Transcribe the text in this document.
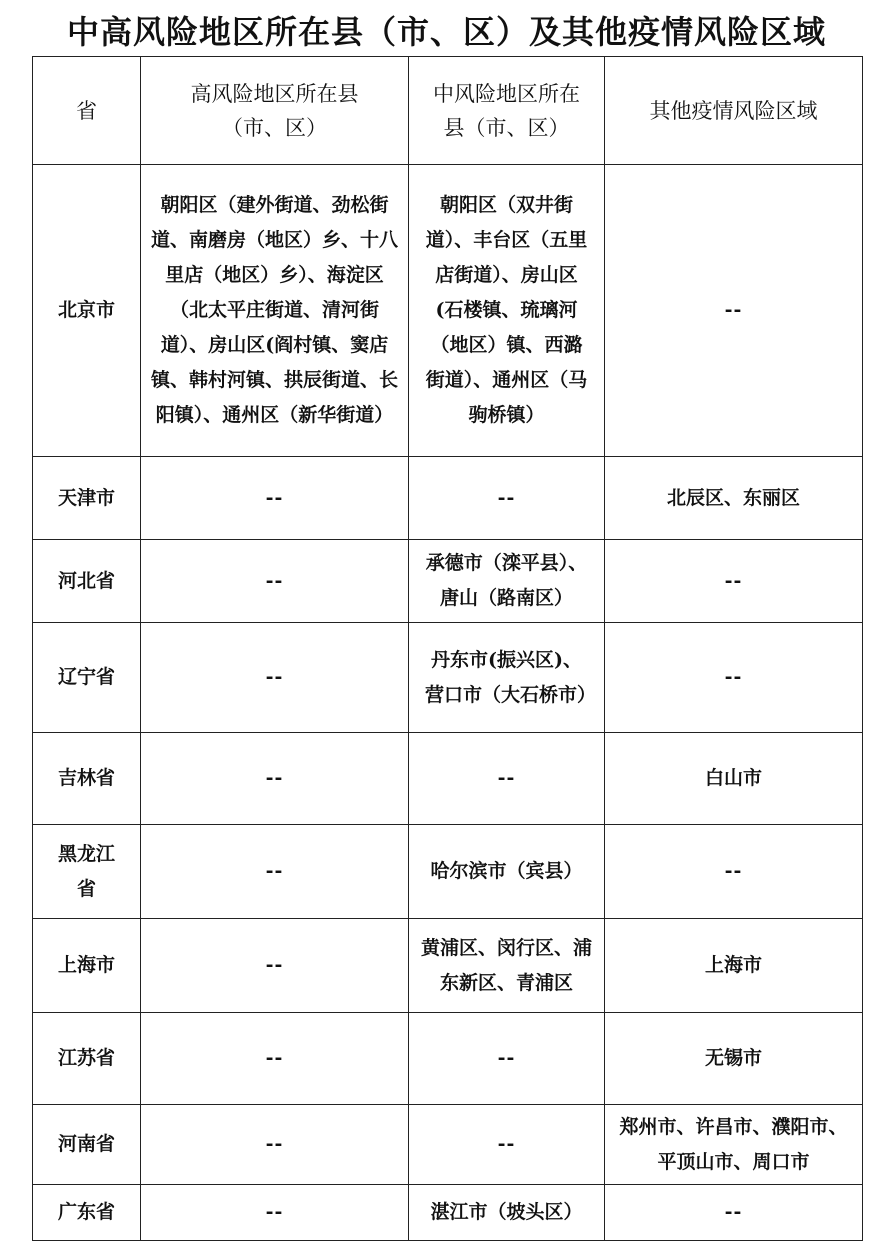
中高风险地区所在县（市、区）及其他疫情风险区域
省	高风险地区所在县（市、区）	中风险地区所在县（市、区）	其他疫情风险区域
北京市	朝阳区（建外街道、劲松街道、南磨房（地区）乡、十八里店（地区）乡）、海淀区（北太平庄街道、清河街道）、房山区(阎村镇、窦店镇、韩村河镇、拱辰街道、长阳镇）、通州区（新华街道）	朝阳区（双井街道）、丰台区（五里店街道）、房山区(石楼镇、琉璃河（地区）镇、西潞街道）、通州区（马驹桥镇）	--
天津市	--	--	北辰区、东丽区
河北省	--	承德市（滦平县）、唐山（路南区）	--
辽宁省	--	丹东市(振兴区)、营口市（大石桥市）	--
吉林省	--	--	白山市
黑龙江省	--	哈尔滨市（宾县）	--
上海市	--	黄浦区、闵行区、浦东新区、青浦区	上海市
江苏省	--	--	无锡市
河南省	--	--	郑州市、许昌市、濮阳市、平顶山市、周口市
广东省	--	湛江市（坡头区）	--
